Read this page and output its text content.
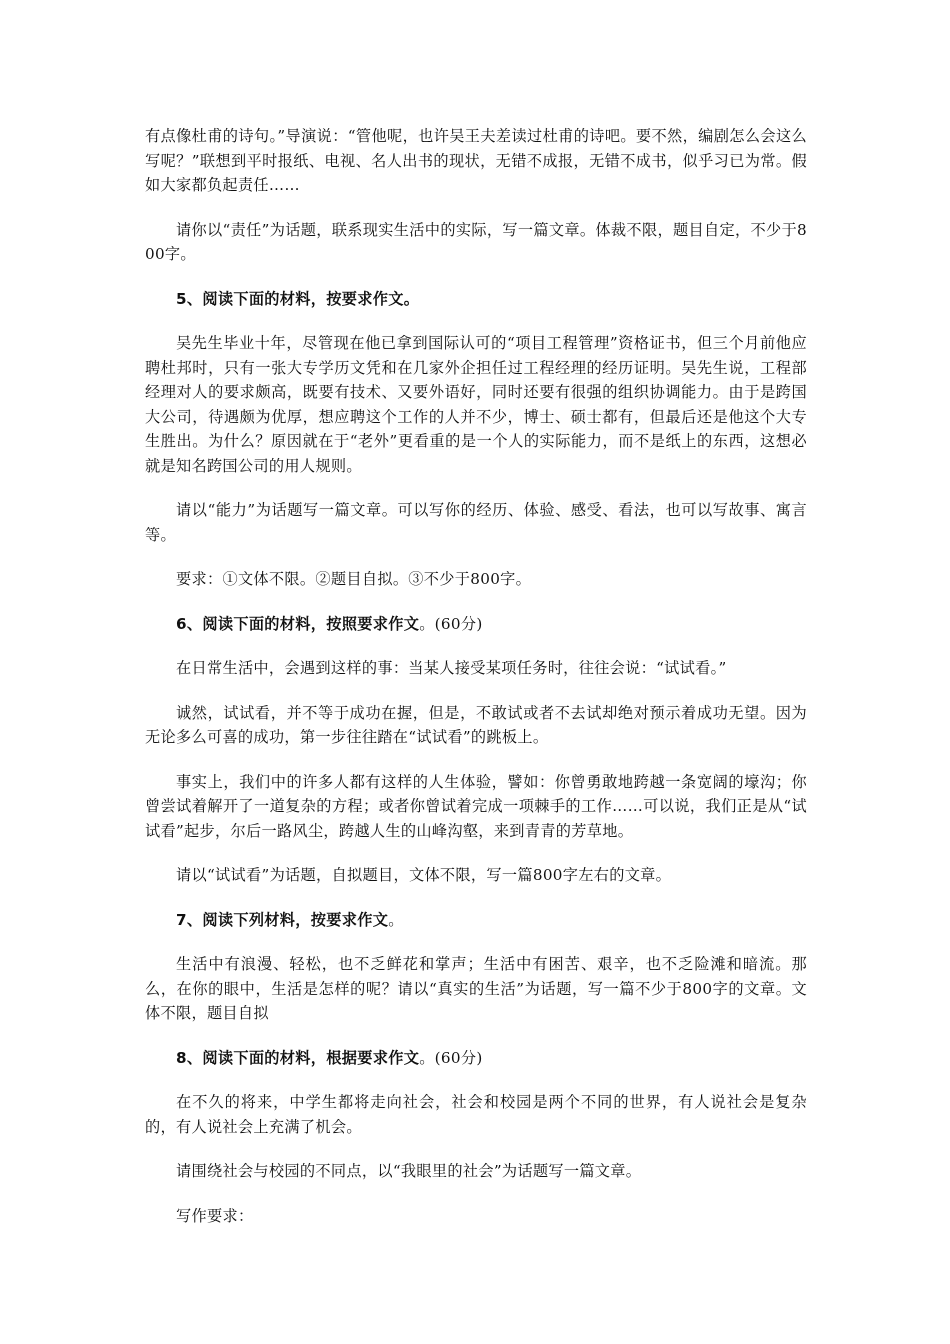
有点像杜甫的诗句。”导演说：“管他呢，也许吴王夫差读过杜甫的诗吧。要不然，编剧怎么会这么写呢？”联想到平时报纸、电视、名人出书的现状，无错不成报，无错不成书，似乎习已为常。假如大家都负起责任……

请你以“责任”为话题，联系现实生活中的实际，写一篇文章。体裁不限，题目自定，不少于800字。

5、阅读下面的材料，按要求作文。

吴先生毕业十年，尽管现在他已拿到国际认可的“项目工程管理”资格证书，但三个月前他应聘杜邦时，只有一张大专学历文凭和在几家外企担任过工程经理的经历证明。吴先生说，工程部经理对人的要求颇高，既要有技术、又要外语好，同时还要有很强的组织协调能力。由于是跨国大公司，待遇颇为优厚，想应聘这个工作的人并不少，博士、硕士都有，但最后还是他这个大专生胜出。为什么？原因就在于“老外”更看重的是一个人的实际能力，而不是纸上的东西，这想必就是知名跨国公司的用人规则。

请以“能力”为话题写一篇文章。可以写你的经历、体验、感受、看法，也可以写故事、寓言等。

要求：①文体不限。②题目自拟。③不少于800字。

6、阅读下面的材料，按照要求作文。(60分)

在日常生活中，会遇到这样的事：当某人接受某项任务时，往往会说：“试试看。”

诚然，试试看，并不等于成功在握，但是，不敢试或者不去试却绝对预示着成功无望。因为无论多么可喜的成功，第一步往往踏在“试试看”的跳板上。

事实上，我们中的许多人都有这样的人生体验，譬如：你曾勇敢地跨越一条宽阔的壕沟；你曾尝试着解开了一道复杂的方程；或者你曾试着完成一项棘手的工作……可以说，我们正是从“试试看”起步，尔后一路风尘，跨越人生的山峰沟壑，来到青青的芳草地。

请以“试试看”为话题，自拟题目，文体不限，写一篇800字左右的文章。

7、阅读下列材料，按要求作文。

生活中有浪漫、轻松，也不乏鲜花和掌声；生活中有困苦、艰辛，也不乏险滩和暗流。那么，在你的眼中，生活是怎样的呢？请以“真实的生活”为话题，写一篇不少于800字的文章。文体不限，题目自拟

8、阅读下面的材料，根据要求作文。(60分)

在不久的将来，中学生都将走向社会，社会和校园是两个不同的世界，有人说社会是复杂的，有人说社会上充满了机会。

请围绕社会与校园的不同点，以“我眼里的社会”为话题写一篇文章。

写作要求：
